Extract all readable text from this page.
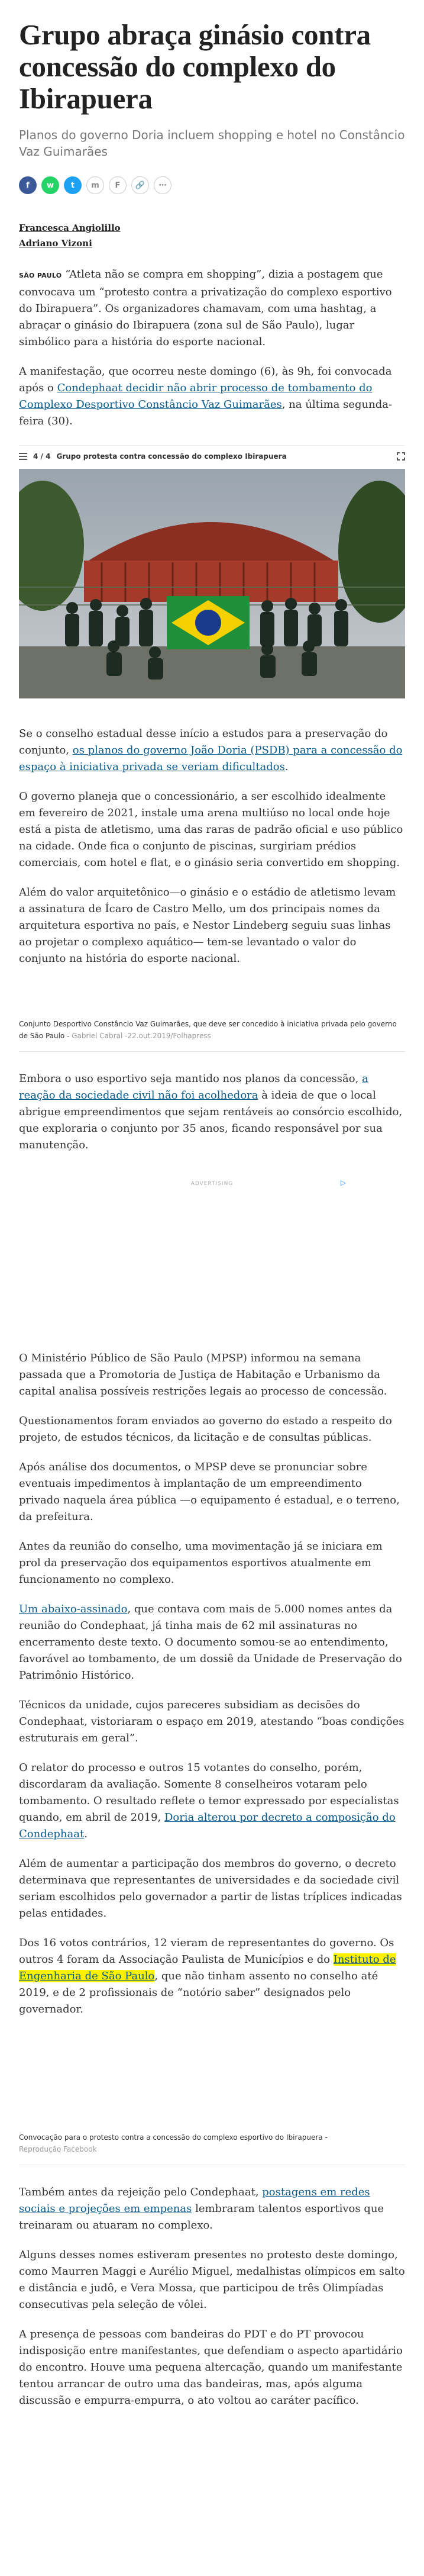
Grupo abraça ginásio contra concessão do complexo do Ibirapuera

Planos do governo Doria incluem shopping e hotel no Constâncio Vaz Guimarães

f w t m F 🔗 ⋯
Francesca Angiolillo
Adriano Vizoni

SÃO PAULO “Atleta não se compra em shopping”, dizia a postagem que convocava um “protesto contra a privatização do complexo esportivo do Ibirapuera”. Os organizadores chamavam, com uma hashtag, a abraçar o ginásio do Ibirapuera (zona sul de São Paulo), lugar simbólico para a história do esporte nacional.

A manifestação, que ocorreu neste domingo (6), às 9h, foi convocada após o Condephaat decidir não abrir processo de tombamento do Complexo Desportivo Constâncio Vaz Guimarães, na última segunda-feira (30).

4 / 4 Grupo protesta contra concessão do complexo Ibirapuera

Se o conselho estadual desse início a estudos para a preservação do conjunto, os planos do governo João Doria (PSDB) para a concessão do espaço à iniciativa privada se veriam dificultados.

O governo planeja que o concessionário, a ser escolhido idealmente em fevereiro de 2021, instale uma arena multiúso no local onde hoje está a pista de atletismo, uma das raras de padrão oficial e uso público na cidade. Onde fica o conjunto de piscinas, surgiriam prédios comerciais, com hotel e flat, e o ginásio seria convertido em shopping.

Além do valor arquitetônico—o ginásio e o estádio de atletismo levam a assinatura de Ícaro de Castro Mello, um dos principais nomes da arquitetura esportiva no país, e Nestor Lindeberg seguiu suas linhas ao projetar o complexo aquático— tem-se levantado o valor do conjunto na história do esporte nacional.

Conjunto Desportivo Constâncio Vaz Guimarães, que deve ser concedido à iniciativa privada pelo governo de São Paulo - Gabriel Cabral -22.out.2019/Folhapress

Embora o uso esportivo seja mantido nos planos da concessão, a reação da sociedade civil não foi acolhedora à ideia de que o local abrigue empreendimentos que sejam rentáveis ao consórcio escolhido, que exploraria o conjunto por 35 anos, ficando responsável por sua manutenção.

ADVERTISING	▷

O Ministério Público de São Paulo (MPSP) informou na semana passada que a Promotoria de Justiça de Habitação e Urbanismo da capital analisa possíveis restrições legais ao processo de concessão.

Questionamentos foram enviados ao governo do estado a respeito do projeto, de estudos técnicos, da licitação e de consultas públicas.

Após análise dos documentos, o MPSP deve se pronunciar sobre eventuais impedimentos à implantação de um empreendimento privado naquela área pública —o equipamento é estadual, e o terreno, da prefeitura.

Antes da reunião do conselho, uma movimentação já se iniciara em prol da preservação dos equipamentos esportivos atualmente em funcionamento no complexo.

Um abaixo-assinado, que contava com mais de 5.000 nomes antes da reunião do Condephaat, já tinha mais de 62 mil assinaturas no encerramento deste texto. O documento somou-se ao entendimento, favorável ao tombamento, de um dossiê da Unidade de Preservação do Patrimônio Histórico.

Técnicos da unidade, cujos pareceres subsidiam as decisões do Condephaat, vistoriaram o espaço em 2019, atestando “boas condições estruturais em geral”.

O relator do processo e outros 15 votantes do conselho, porém, discordaram da avaliação. Somente 8 conselheiros votaram pelo tombamento. O resultado reflete o temor expressado por especialistas quando, em abril de 2019, Doria alterou por decreto a composição do Condephaat.

Além de aumentar a participação dos membros do governo, o decreto determinava que representantes de universidades e da sociedade civil seriam escolhidos pelo governador a partir de listas tríplices indicadas pelas entidades.

Dos 16 votos contrários, 12 vieram de representantes do governo. Os outros 4 foram da Associação Paulista de Municípios e do Instituto de Engenharia de São Paulo, que não tinham assento no conselho até 2019, e de 2 profissionais de “notório saber” designados pelo governador.

Convocação para o protesto contra a concessão do complexo esportivo do Ibirapuera -
Reprodução Facebook

Também antes da rejeição pelo Condephaat, postagens em redes sociais e projeções em empenas lembraram talentos esportivos que treinaram ou atuaram no complexo.

Alguns desses nomes estiveram presentes no protesto deste domingo, como Maurren Maggi e Aurélio Miguel, medalhistas olímpicos em salto e distância e judô, e Vera Mossa, que participou de três Olimpíadas consecutivas pela seleção de vôlei.

A presença de pessoas com bandeiras do PDT e do PT provocou indisposição entre manifestantes, que defendiam o aspecto apartidário do encontro. Houve uma pequena altercação, quando um manifestante tentou arrancar de outro uma das bandeiras, mas, após alguma discussão e empurra-empurra, o ato voltou ao caráter pacífico.
